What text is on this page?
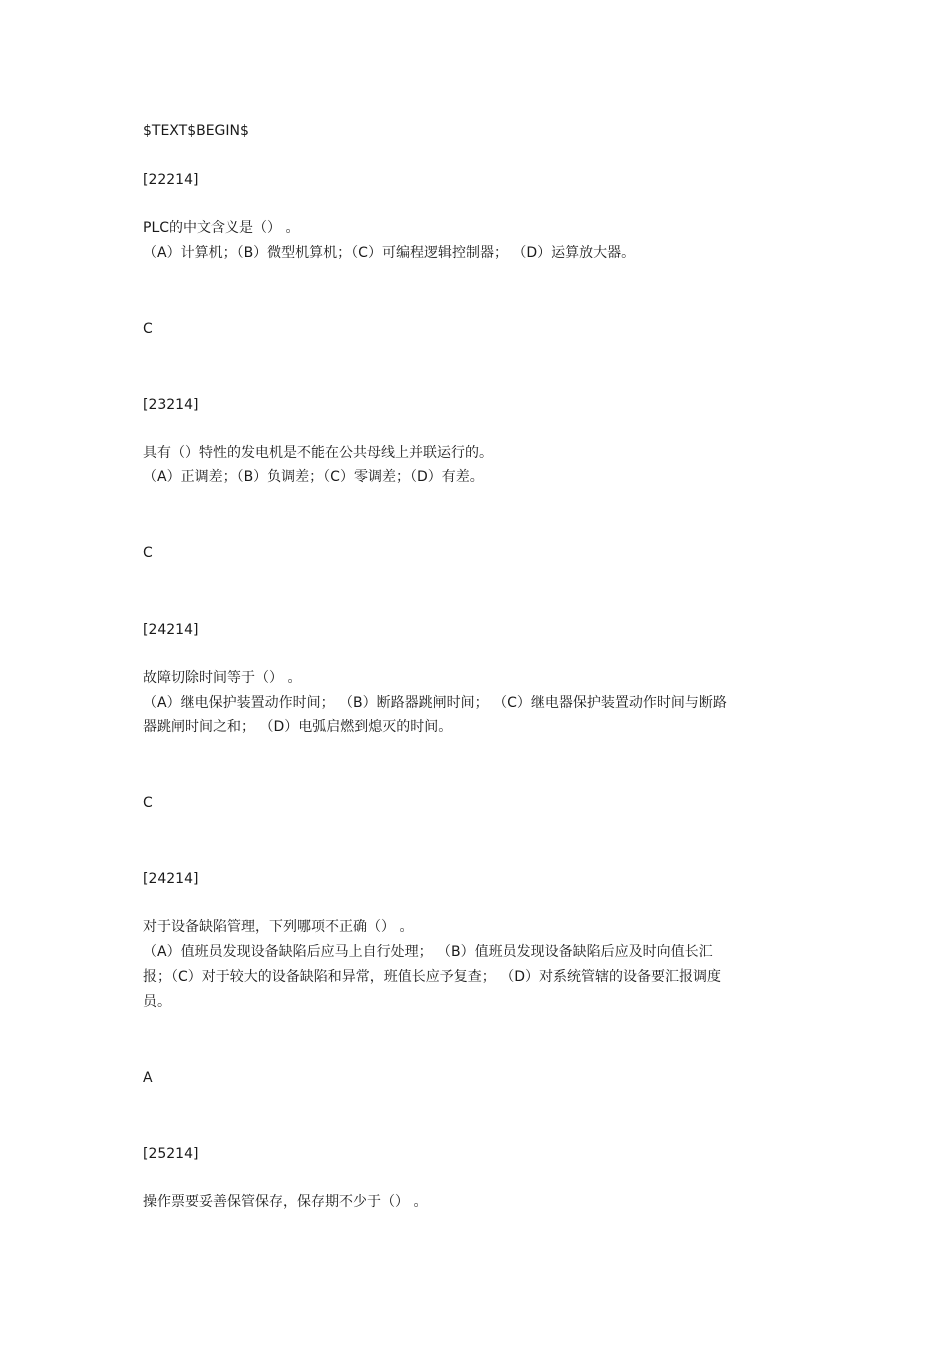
$TEXT$BEGIN$
[22214]
PLC的中文含义是（） 。
（A）计算机；（B）微型机算机；（C）可编程逻辑控制器； （D）运算放大器。
C
[23214]
具有（）特性的发电机是不能在公共母线上并联运行的。
（A）正调差；（B）负调差；（C）零调差；（D）有差。
C
[24214]
故障切除时间等于（） 。
（A）继电保护装置动作时间； （B）断路器跳闸时间； （C）继电器保护装置动作时间与断路
器跳闸时间之和； （D）电弧启燃到熄灭的时间。
C
[24214]
对于设备缺陷管理，下列哪项不正确（） 。
（A）值班员发现设备缺陷后应马上自行处理； （B）值班员发现设备缺陷后应及时向值长汇
报；（C）对于较大的设备缺陷和异常，班值长应予复查； （D）对系统管辖的设备要汇报调度
员。
A
[25214]
操作票要妥善保管保存，保存期不少于（） 。
